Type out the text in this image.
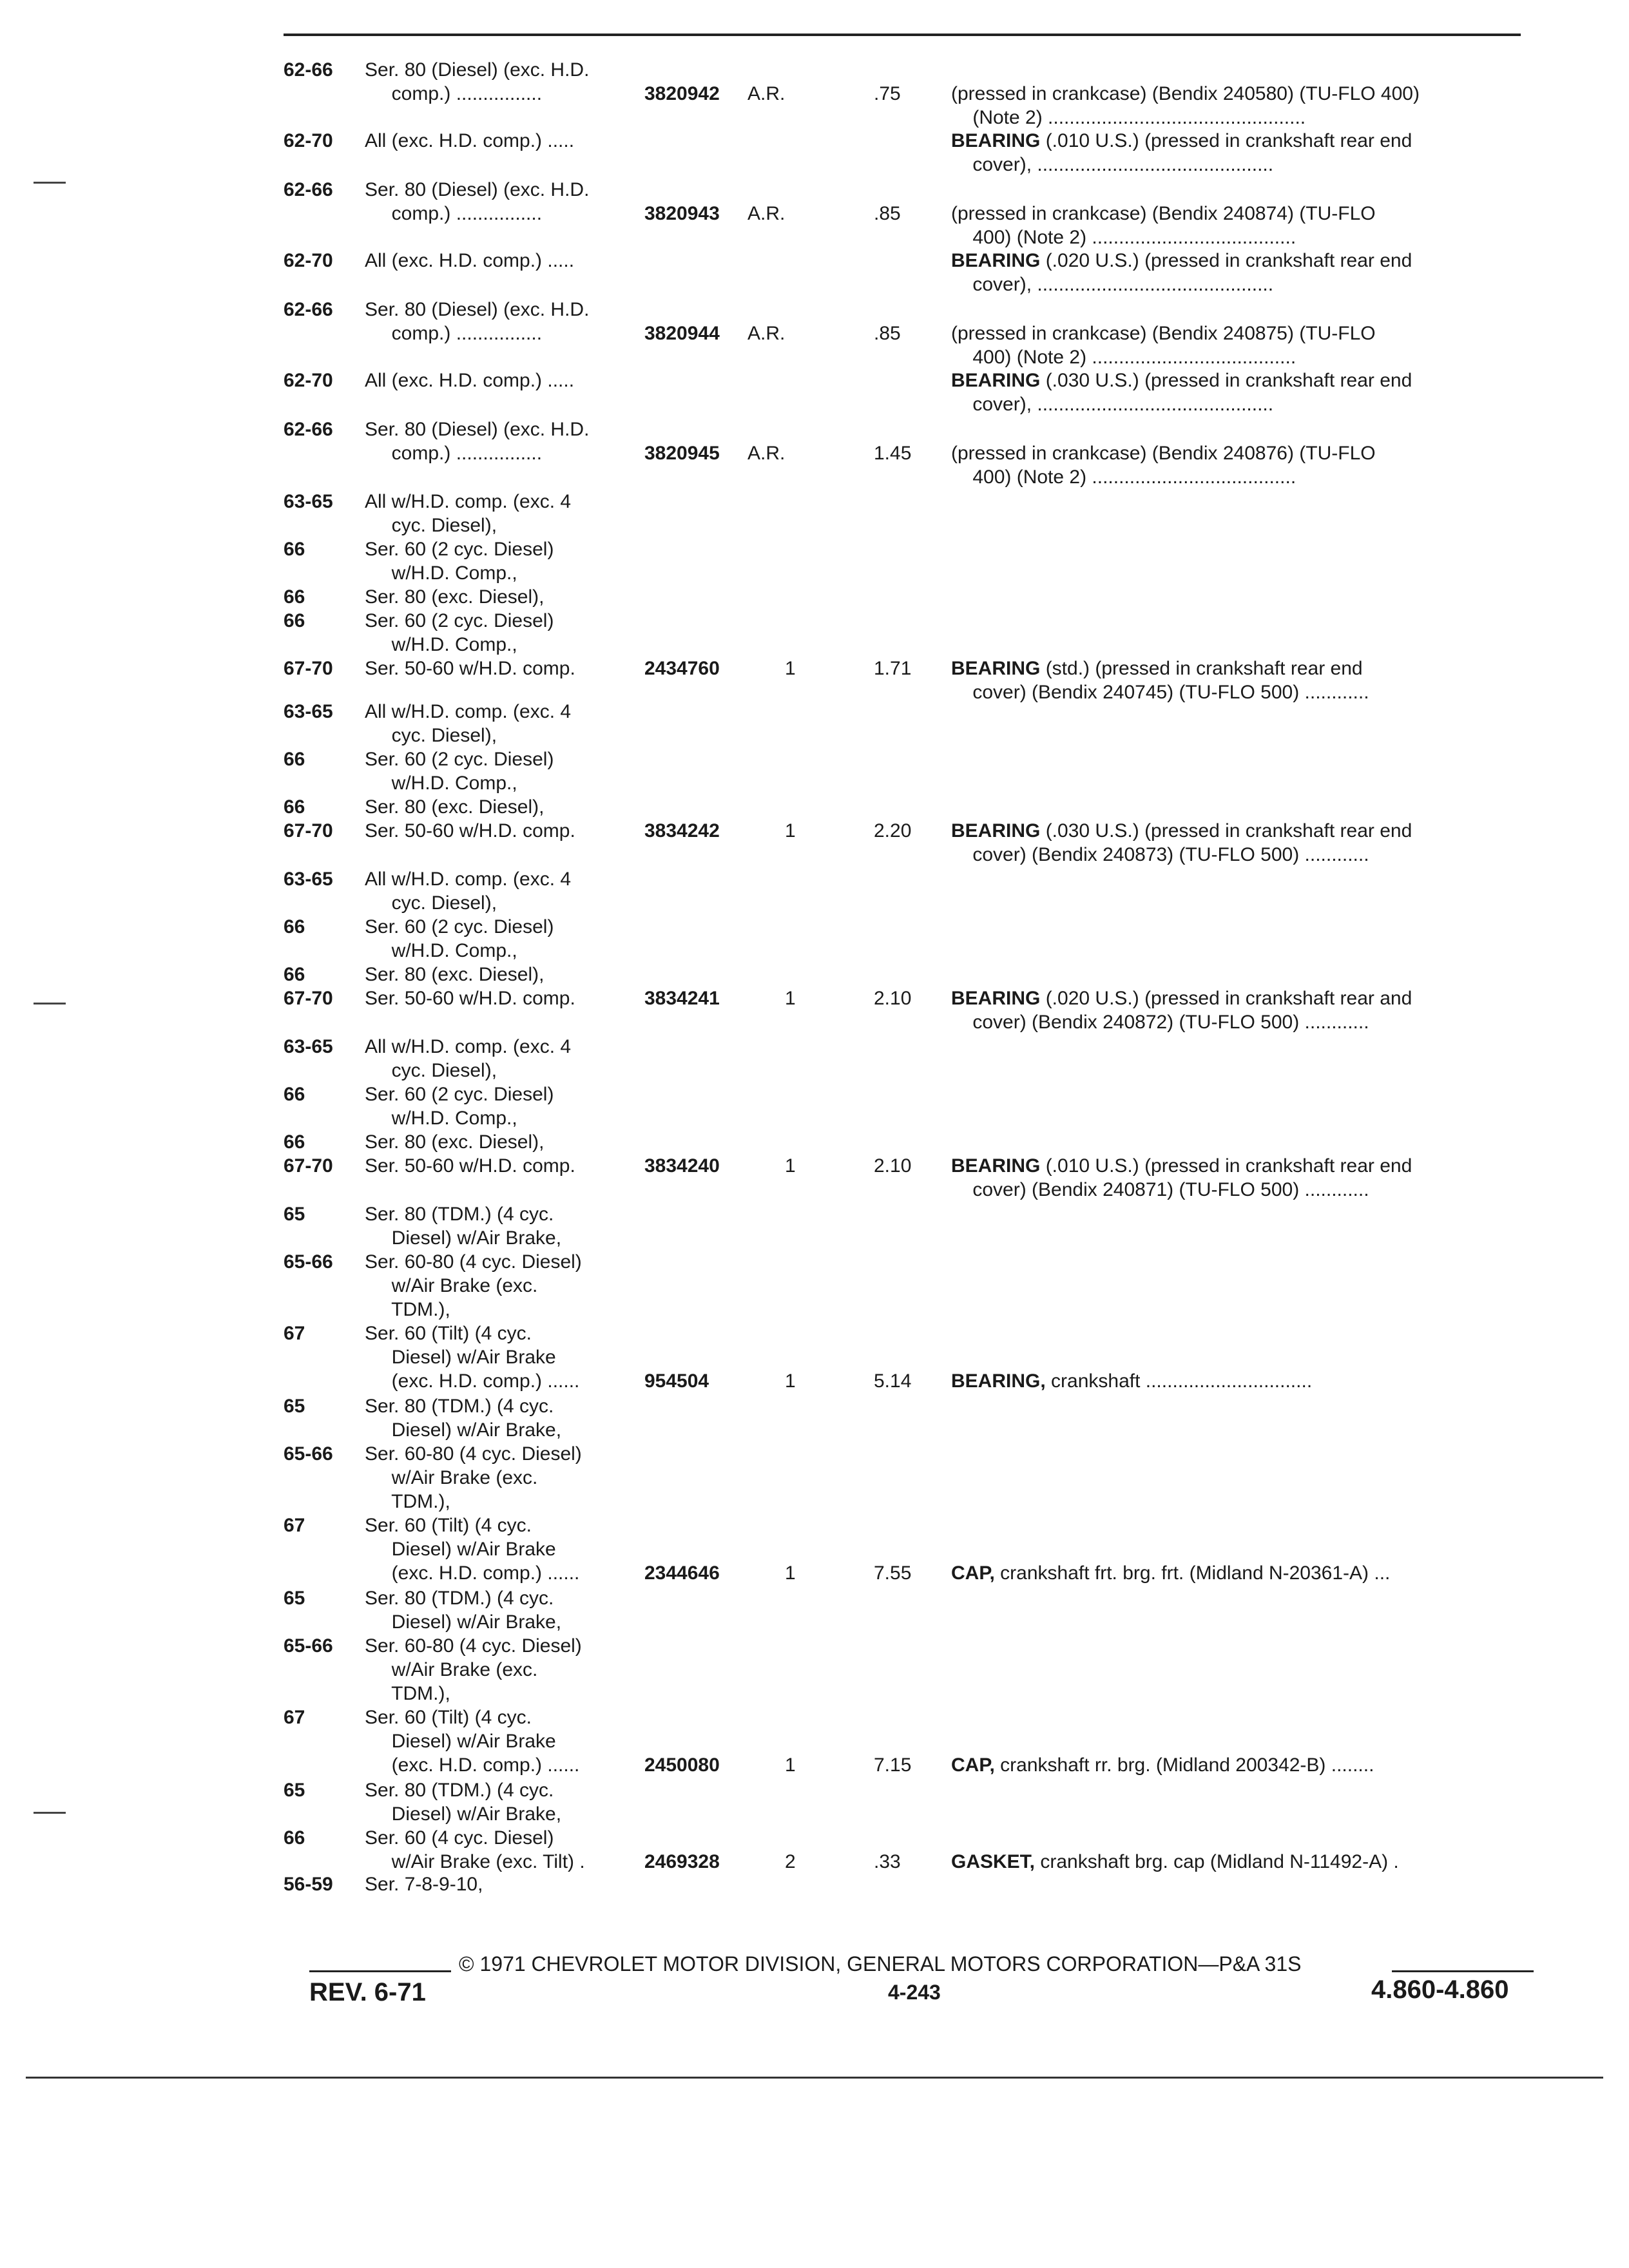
62-66	Ser. 80 (Diesel) (exc. H.D.
comp.) ................	3820942 A.R.	.75	(pressed in crankcase) (Bendix 240580) (TU-FLO 400)
(Note 2) ................................................
62-70	All (exc. H.D. comp.) .....	BEARING (.010 U.S.) (pressed in crankshaft rear end
cover), ............................................
62-66	Ser. 80 (Diesel) (exc. H.D.
comp.) ................	3820943 A.R.	.85	(pressed in crankcase) (Bendix 240874) (TU-FLO
400) (Note 2) ......................................
62-70	All (exc. H.D. comp.) .....	BEARING (.020 U.S.) (pressed in crankshaft rear end
cover), ............................................
62-66	Ser. 80 (Diesel) (exc. H.D.
comp.) ................	3820944 A.R.	.85	(pressed in crankcase) (Bendix 240875) (TU-FLO
400) (Note 2) ......................................
62-70	All (exc. H.D. comp.) .....	BEARING (.030 U.S.) (pressed in crankshaft rear end
cover), ............................................
62-66	Ser. 80 (Diesel) (exc. H.D.
comp.) ................	3820945 A.R.	1.45 (pressed in crankcase) (Bendix 240876) (TU-FLO
400) (Note 2) ......................................
63-65	All w/H.D. comp. (exc. 4
cyc. Diesel),
66	Ser. 60 (2 cyc. Diesel)
w/H.D. Comp.,
66	Ser. 80 (exc. Diesel),
66	Ser. 60 (2 cyc. Diesel)
w/H.D. Comp.,
67-70	Ser. 50-60 w/H.D. comp.	2434760	1	1.71 BEARING (std.) (pressed in crankshaft rear end
cover) (Bendix 240745) (TU-FLO 500) ............
63-65	All w/H.D. comp. (exc. 4
cyc. Diesel),
66	Ser. 60 (2 cyc. Diesel)
w/H.D. Comp.,
66	Ser. 80 (exc. Diesel),
67-70	Ser. 50-60 w/H.D. comp.	3834242	1	2.20 BEARING (.030 U.S.) (pressed in crankshaft rear end
cover) (Bendix 240873) (TU-FLO 500) ............
63-65	All w/H.D. comp. (exc. 4
cyc. Diesel),
66	Ser. 60 (2 cyc. Diesel)
w/H.D. Comp.,
66	Ser. 80 (exc. Diesel),
67-70	Ser. 50-60 w/H.D. comp.	3834241	1	2.10 BEARING (.020 U.S.) (pressed in crankshaft rear and
cover) (Bendix 240872) (TU-FLO 500) ............
63-65	All w/H.D. comp. (exc. 4
cyc. Diesel),
66	Ser. 60 (2 cyc. Diesel)
w/H.D. Comp.,
66	Ser. 80 (exc. Diesel),
67-70	Ser. 50-60 w/H.D. comp.	3834240	1	2.10 BEARING (.010 U.S.) (pressed in crankshaft rear end
cover) (Bendix 240871) (TU-FLO 500) ............
65	Ser. 80 (TDM.) (4 cyc.
Diesel) w/Air Brake,
65-66	Ser. 60-80 (4 cyc. Diesel)
w/Air Brake (exc.
TDM.),
67	Ser. 60 (Tilt) (4 cyc.
Diesel) w/Air Brake
(exc. H.D. comp.) ......	954504	1	5.14 BEARING, crankshaft ...............................
65	Ser. 80 (TDM.) (4 cyc.
Diesel) w/Air Brake,
65-66	Ser. 60-80 (4 cyc. Diesel)
w/Air Brake (exc.
TDM.),
67	Ser. 60 (Tilt) (4 cyc.
Diesel) w/Air Brake
(exc. H.D. comp.) ......	2344646	1	7.55 CAP, crankshaft frt. brg. frt. (Midland N-20361-A) ...
65	Ser. 80 (TDM.) (4 cyc.
Diesel) w/Air Brake,
65-66	Ser. 60-80 (4 cyc. Diesel)
w/Air Brake (exc.
TDM.),
67	Ser. 60 (Tilt) (4 cyc.
Diesel) w/Air Brake
(exc. H.D. comp.) ......	2450080	1	7.15 CAP, crankshaft rr. brg. (Midland 200342-B) ........
65	Ser. 80 (TDM.) (4 cyc.
Diesel) w/Air Brake,
66	Ser. 60 (4 cyc. Diesel)
w/Air Brake (exc. Tilt) .	2469328	2	.33	GASKET, crankshaft brg. cap (Midland N-11492-A) .
56-59	Ser. 7-8-9-10,
© 1971 CHEVROLET MOTOR DIVISION, GENERAL MOTORS CORPORATION—P&A 31S
REV. 6-71	4-243	4.860-4.860
